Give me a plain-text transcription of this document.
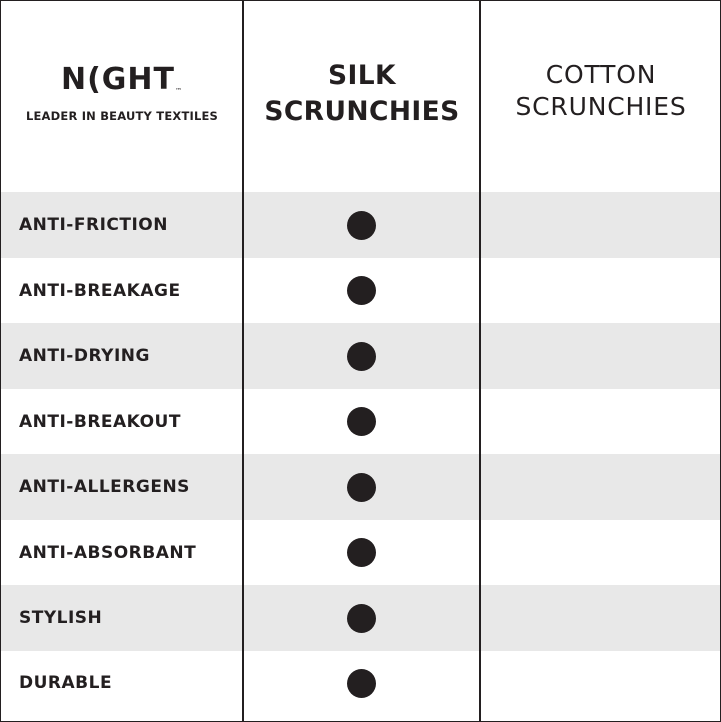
N(GHT™
LEADER IN BEAUTY TEXTILES
SILK
SCRUNCHIES
COTTON
SCRUNCHIES
ANTI-FRICTION
ANTI-BREAKAGE
ANTI-DRYING
ANTI-BREAKOUT
ANTI-ALLERGENS
ANTI-ABSORBANT
STYLISH
DURABLE
